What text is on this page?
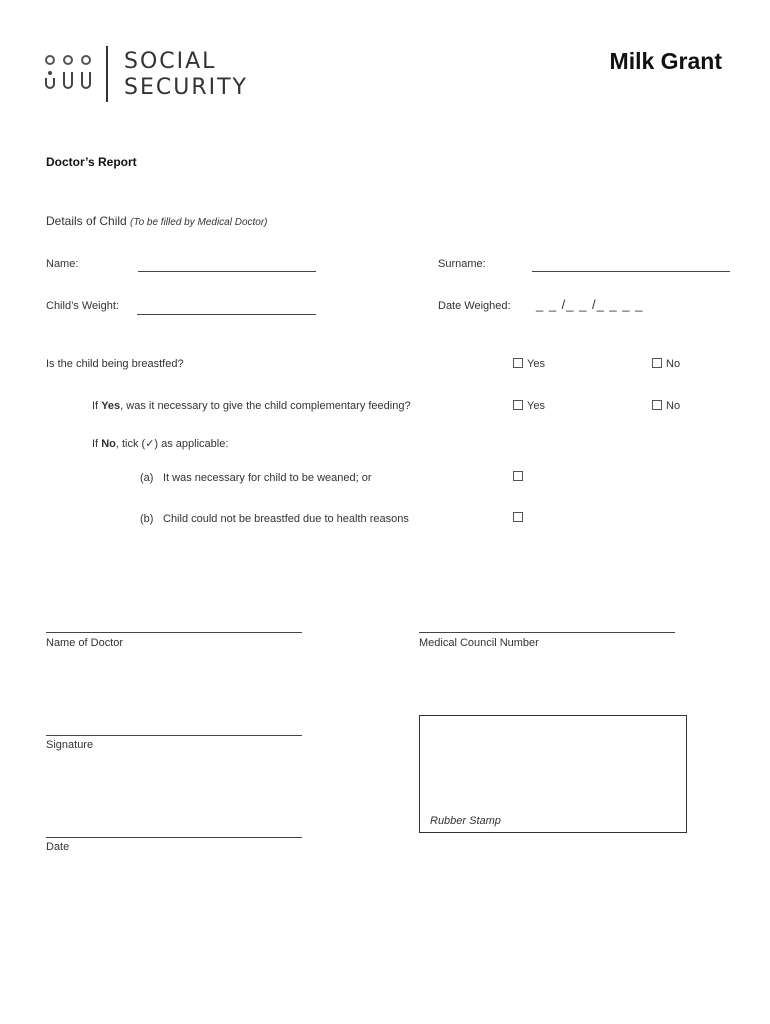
SOCIAL
SECURITY
Milk Grant
Doctor’s Report
Details of Child (To be filled by Medical Doctor)
Name:	Surname:
Child’s Weight:	Date Weighed: _ _ /_ _ /_ _ _ _
Is the child being breastfed?	Yes	No
If Yes, was it necessary to give the child complementary feeding?	Yes	No
If No, tick (✓) as applicable:
(a) It was necessary for child to be weaned; or
(b) Child could not be breastfed due to health reasons
Name of Doctor	Medical Council Number
Signature
Date
Rubber Stamp
